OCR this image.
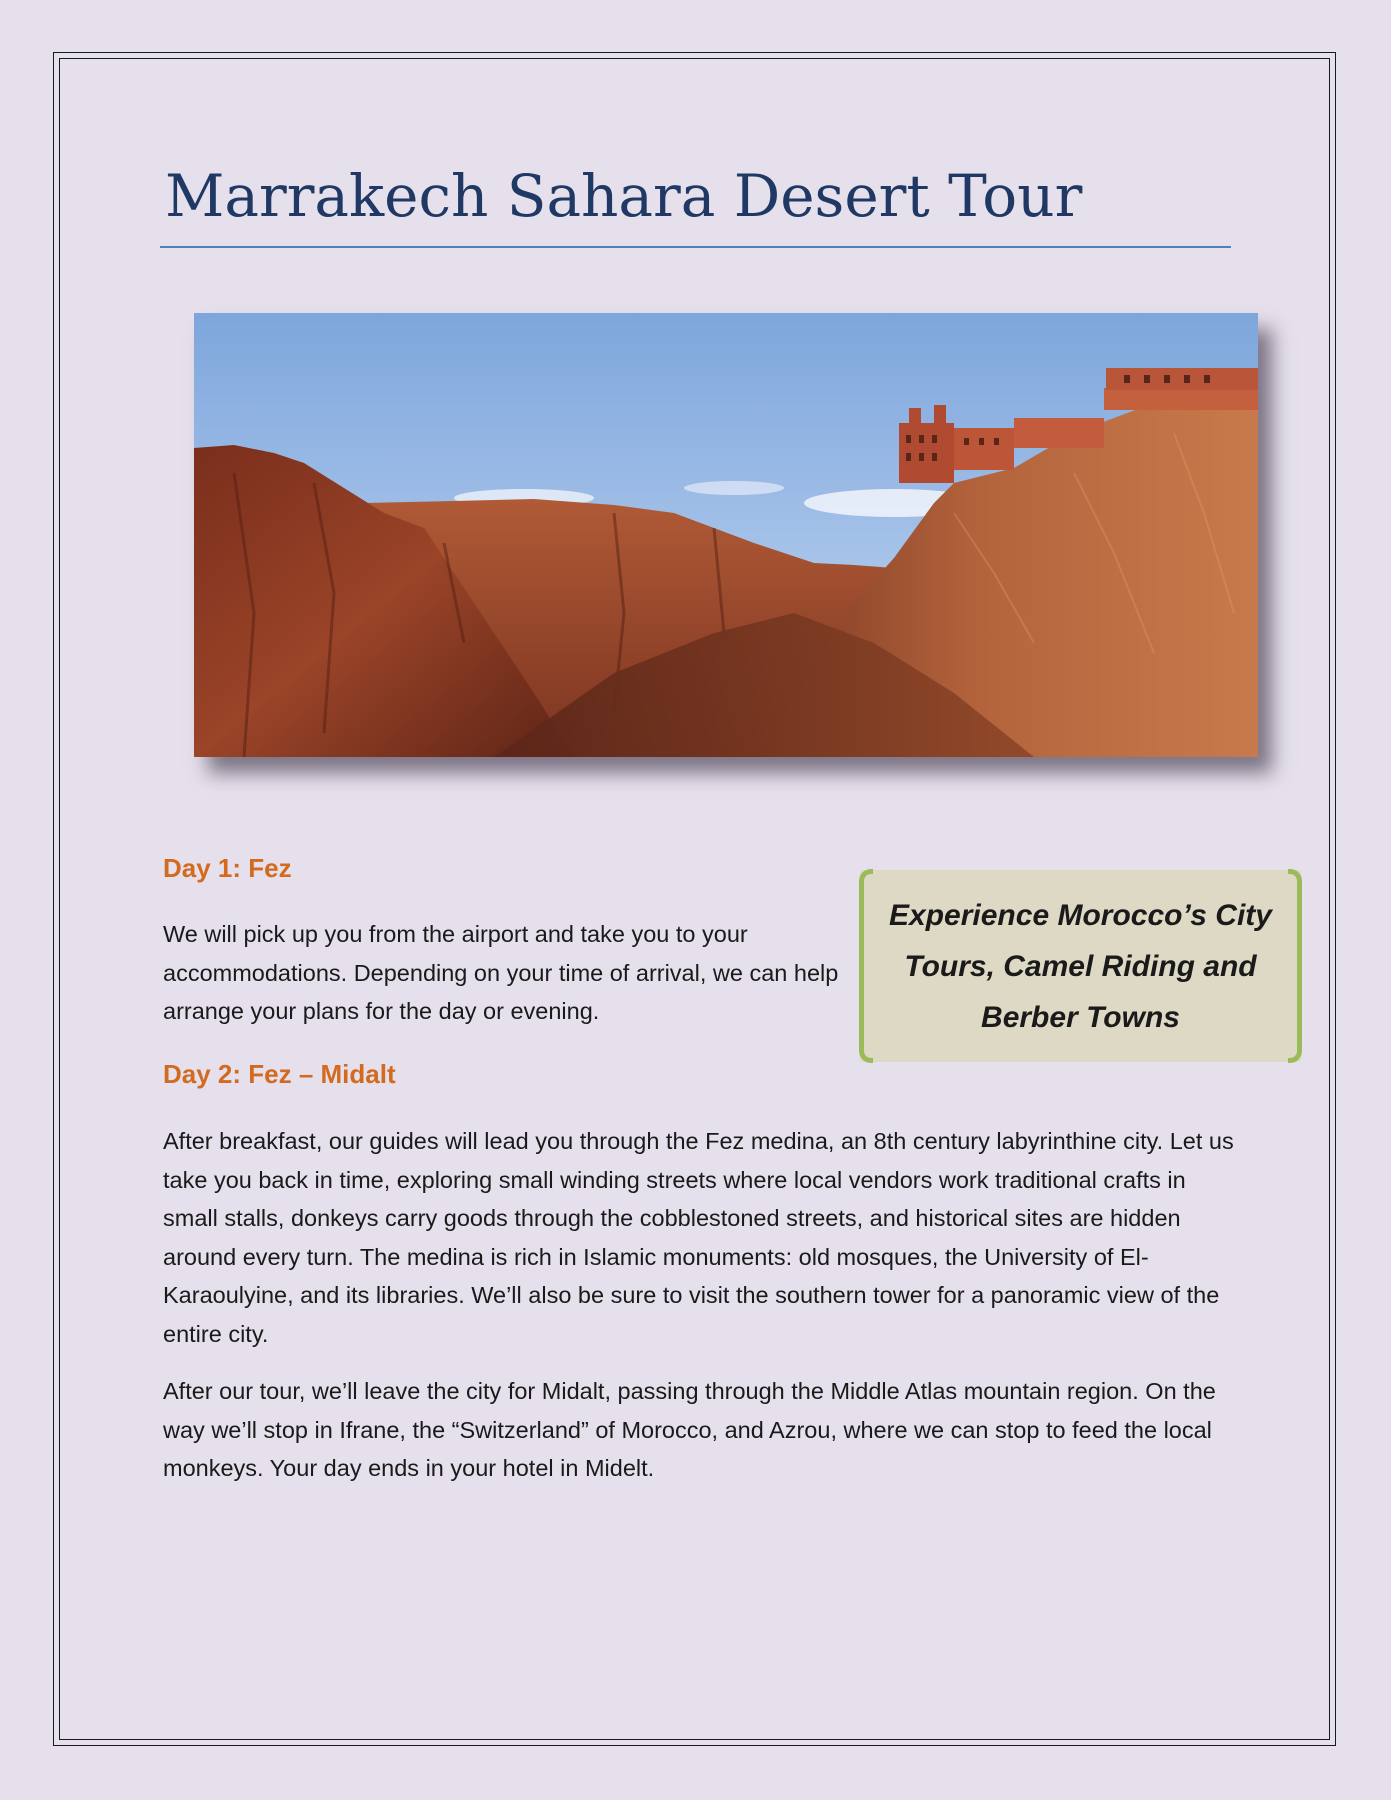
Marrakech Sahara Desert Tour
Day 1: Fez

We will pick up you from the airport and take you to your accommodations. Depending on your time of arrival, we can help arrange your plans for the day or evening.

Experience Morocco’s City Tours, Camel Riding and Berber Towns

Day 2: Fez – Midalt

After breakfast, our guides will lead you through the Fez medina, an 8th century labyrinthine city. Let us take you back in time, exploring small winding streets where local vendors work traditional crafts in small stalls, donkeys carry goods through the cobblestoned streets, and historical sites are hidden around every turn. The medina is rich in Islamic monuments: old mosques, the University of El-Karaoulyine, and its libraries. We’ll also be sure to visit the southern tower for a panoramic view of the entire city.

After our tour, we’ll leave the city for Midalt, passing through the Middle Atlas mountain region. On the way we’ll stop in Ifrane, the “Switzerland” of Morocco, and Azrou, where we can stop to feed the local monkeys. Your day ends in your hotel in Midelt.
